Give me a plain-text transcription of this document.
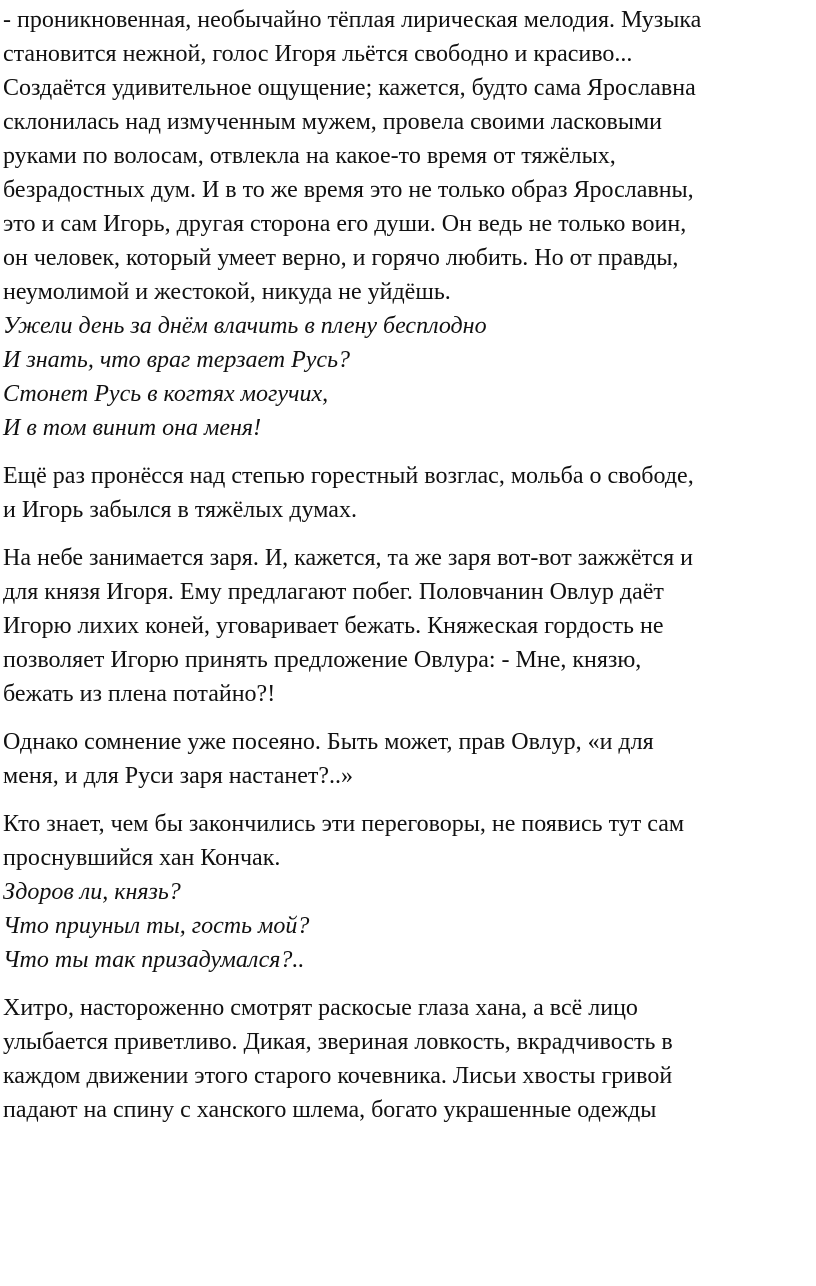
- проникновенная, необычайно тёплая лирическая мелодия. Музыка
становится нежной, голос Игоря льётся свободно и красиво...
Создаётся удивительное ощущение; кажется, будто сама Ярославна
склонилась над измученным мужем, провела своими ласковыми
руками по волосам, отвлекла на какое-то время от тяжёлых,
безрадостных дум. И в то же время это не только образ Ярославны,
это и сам Игорь, другая сторона его души. Он ведь не только воин,
он человек, который умеет верно, и горячо любить. Но от правды,
неумолимой и жестокой, никуда не уйдёшь.

Ужели день за днём влачить в плену бесплодно
И знать, что враг терзает Русь?
Стонет Русь в когтях могучих,
И в том винит она меня!

Ещё раз пронёсся над степью горестный возглас, мольба о свободе,
и Игорь забылся в тяжёлых думах.

На небе занимается заря. И, кажется, та же заря вот-вот зажжётся и
для князя Игоря. Ему предлагают побег. Половчанин Овлур даёт
Игорю лихих коней, уговаривает бежать. Княжеская гордость не
позволяет Игорю принять предложение Овлура: - Мне, князю,
бежать из плена потайно?!

Однако сомнение уже посеяно. Быть может, прав Овлур, «и для
меня, и для Руси заря настанет?..»

Кто знает, чем бы закончились эти переговоры, не появись тут сам
проснувшийся хан Кончак.

Здоров ли, князь?
Что приуныл ты, гость мой?
Что ты так призадумался?..

Хитро, настороженно смотрят раскосые глаза хана, а всё лицо
улыбается приветливо. Дикая, звериная ловкость, вкрадчивость в
каждом движении этого старого кочевника. Лисьи хвосты гривой
падают на спину с ханского шлема, богато украшенные одежды
